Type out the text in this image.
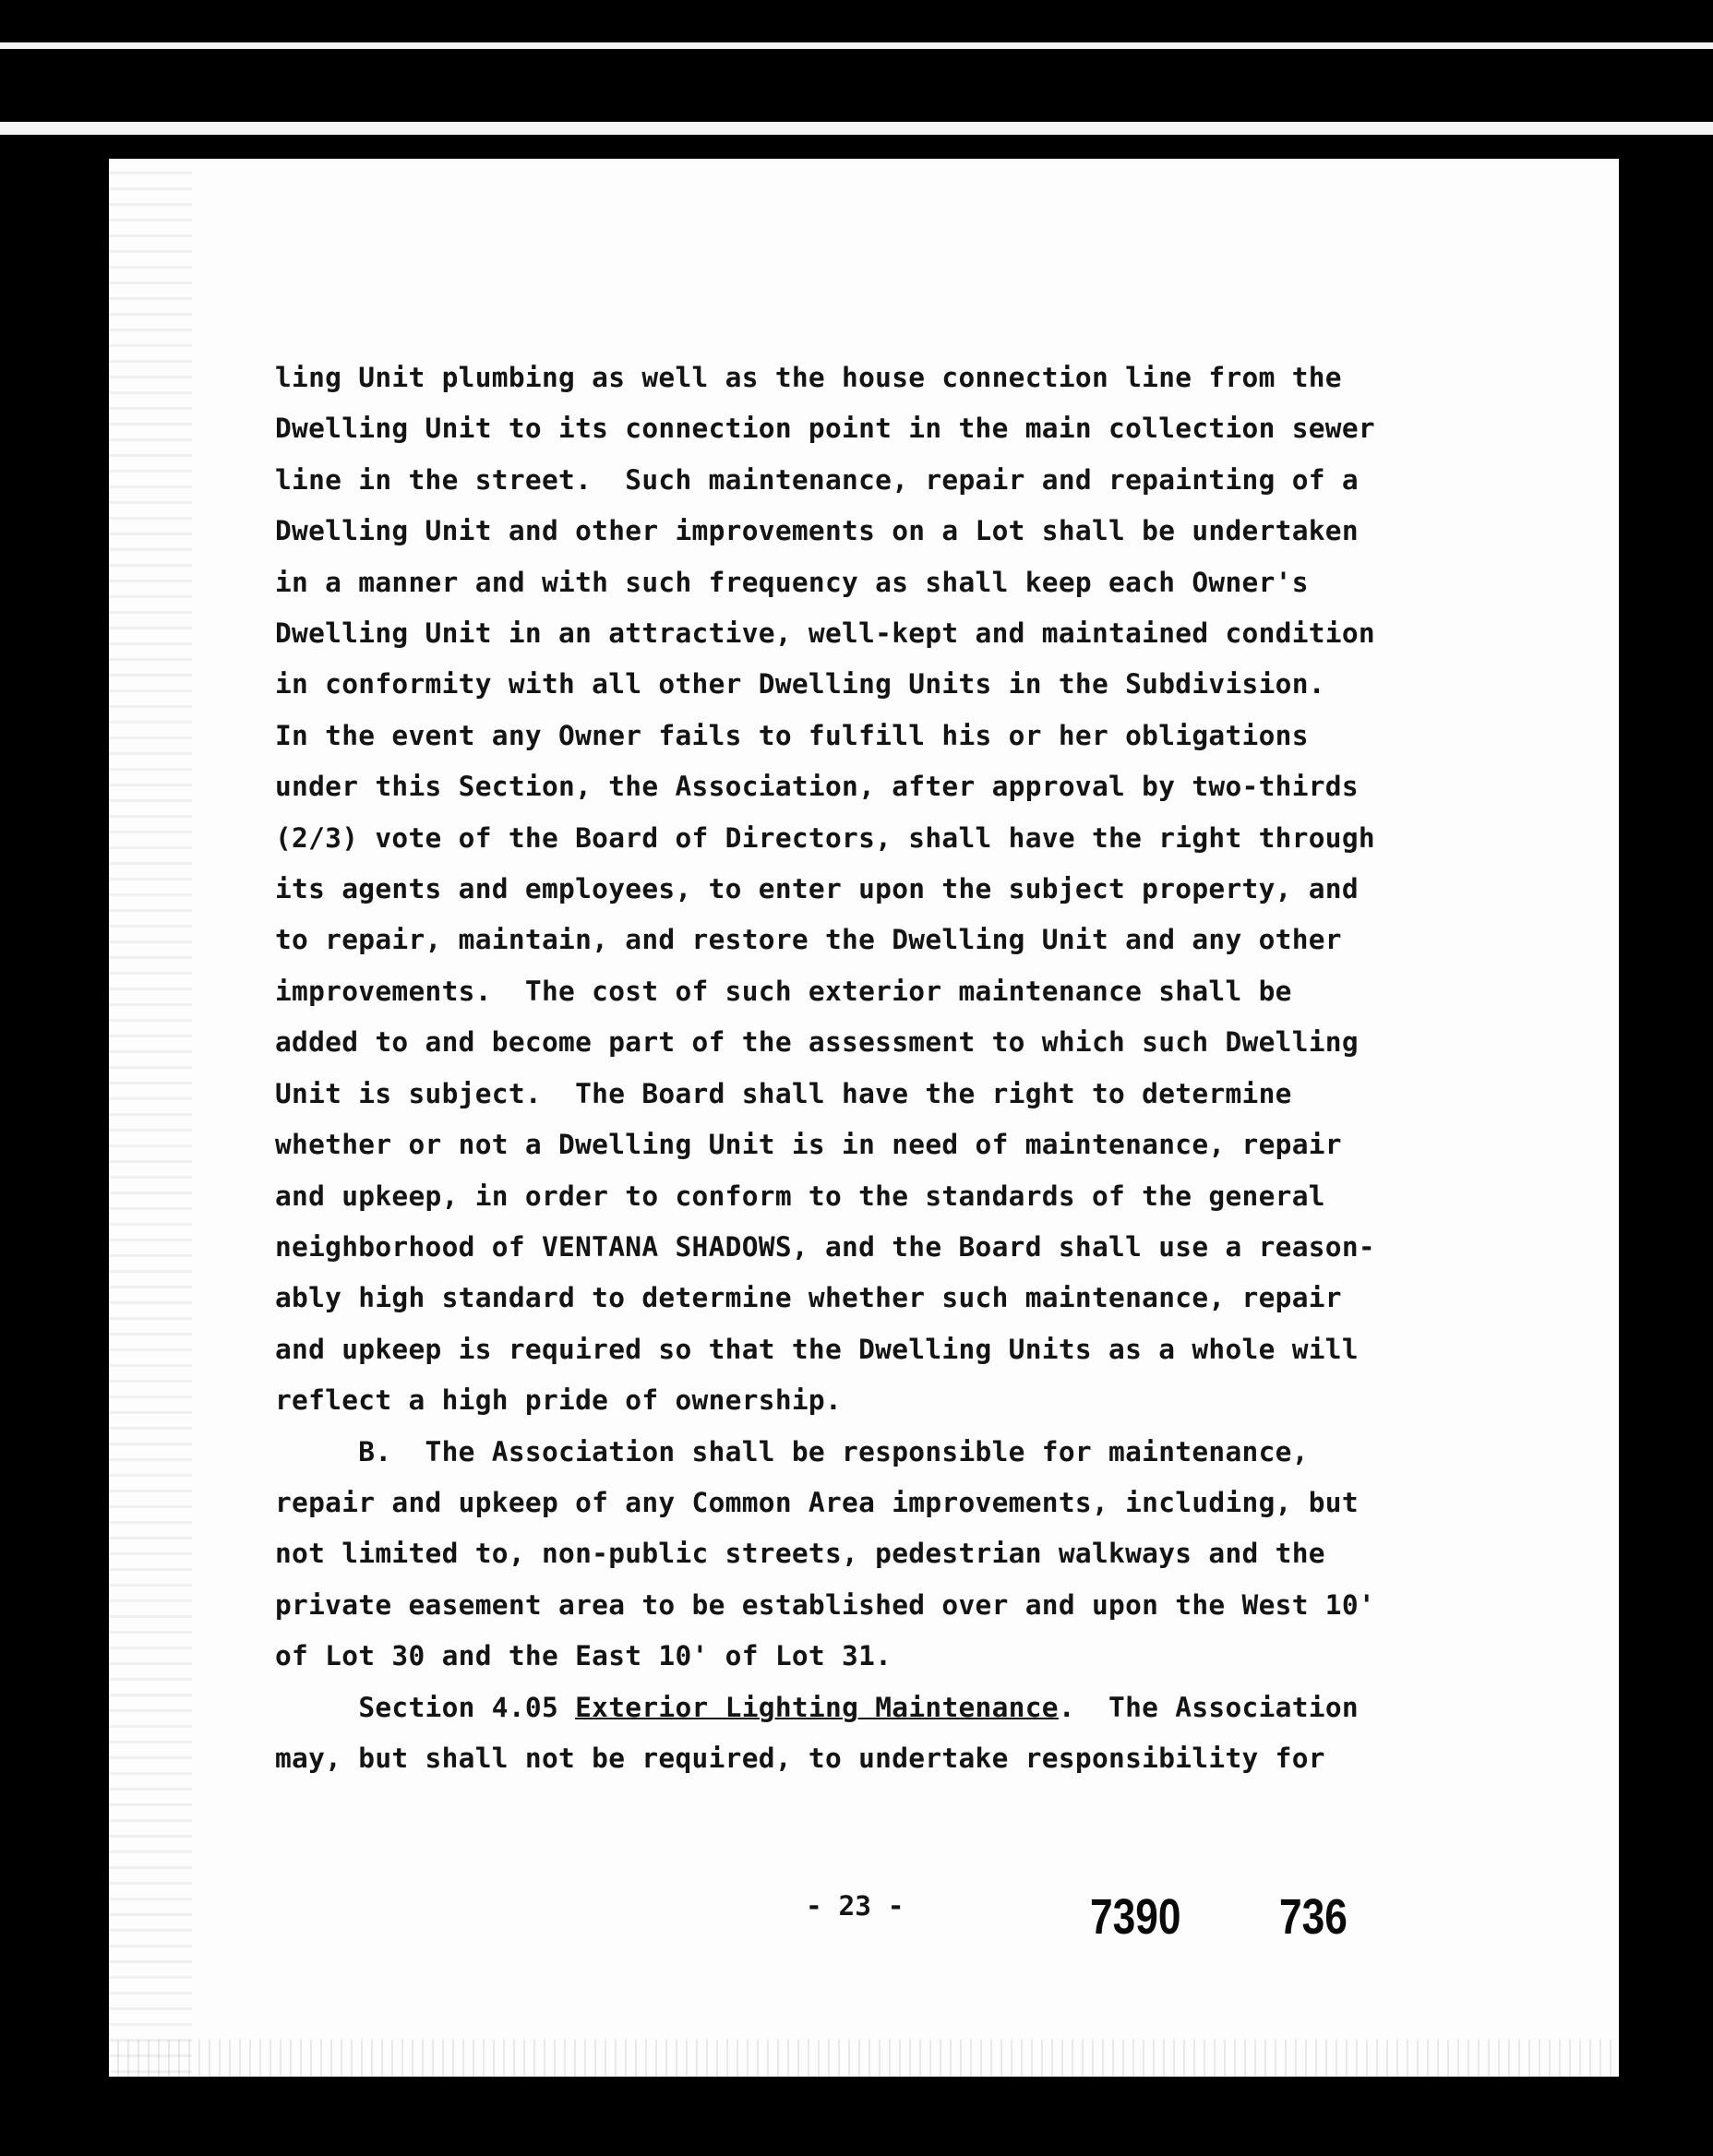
ling Unit plumbing as well as the house connection line from the
Dwelling Unit to its connection point in the main collection sewer
line in the street.  Such maintenance, repair and repainting of a
Dwelling Unit and other improvements on a Lot shall be undertaken
in a manner and with such frequency as shall keep each Owner's
Dwelling Unit in an attractive, well-kept and maintained condition
in conformity with all other Dwelling Units in the Subdivision.
In the event any Owner fails to fulfill his or her obligations
under this Section, the Association, after approval by two-thirds
(2/3) vote of the Board of Directors, shall have the right through
its agents and employees, to enter upon the subject property, and
to repair, maintain, and restore the Dwelling Unit and any other
improvements.  The cost of such exterior maintenance shall be
added to and become part of the assessment to which such Dwelling
Unit is subject.  The Board shall have the right to determine
whether or not a Dwelling Unit is in need of maintenance, repair
and upkeep, in order to conform to the standards of the general
neighborhood of VENTANA SHADOWS, and the Board shall use a reason-
ably high standard to determine whether such maintenance, repair
and upkeep is required so that the Dwelling Units as a whole will
reflect a high pride of ownership.
B.  The Association shall be responsible for maintenance,
repair and upkeep of any Common Area improvements, including, but
not limited to, non-public streets, pedestrian walkways and the
private easement area to be established over and upon the West 10'
of Lot 30 and the East 10' of Lot 31.
Section 4.05 Exterior Lighting Maintenance.  The Association
may, but shall not be required, to undertake responsibility for
- 23 -	7390 736
